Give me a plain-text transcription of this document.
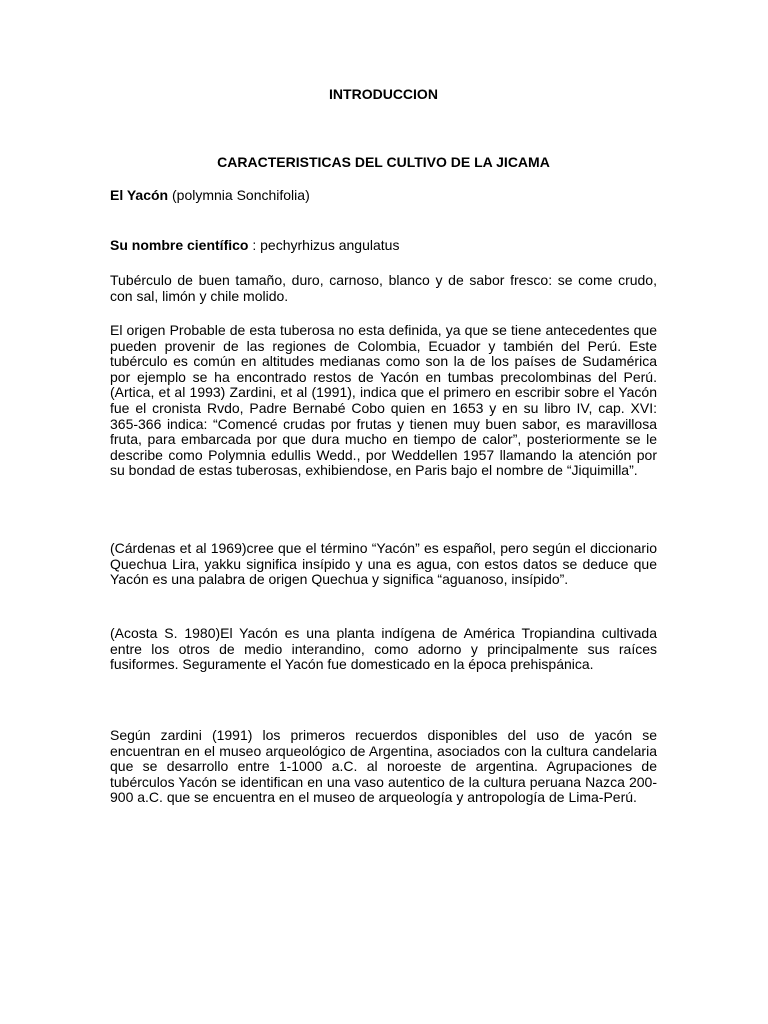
INTRODUCCION
CARACTERISTICAS DEL CULTIVO DE LA JICAMA

El Yacón (polymnia Sonchifolia)

Su nombre científico : pechyrhizus angulatus

Tubérculo de buen tamaño, duro, carnoso, blanco y de sabor fresco: se come crudo, con sal, limón y chile molido.

El origen Probable de esta tuberosa no esta definida, ya que se tiene antecedentes que pueden provenir de las regiones de Colombia, Ecuador y también del Perú. Este tubérculo es común en altitudes medianas como son la de los países de Sudamérica por ejemplo se ha encontrado restos de Yacón en tumbas precolombinas del Perú. (Artica, et al 1993) Zardini, et al (1991), indica que el primero en escribir sobre el Yacón fue el cronista Rvdo, Padre Bernabé Cobo quien en 1653 y en su libro IV, cap. XVI: 365-366 indica: “Comencé crudas por frutas y tienen muy buen sabor, es maravillosa fruta, para embarcada por que dura mucho en tiempo de calor”, posteriormente se le describe como Polymnia edullis Wedd., por Weddellen 1957 llamando la atención por su bondad de estas tuberosas, exhibiendose, en Paris bajo el nombre de “Jiquimilla”.

(Cárdenas et al 1969)cree que el término “Yacón” es español, pero según el diccionario Quechua Lira, yakku significa insípido y una es agua, con estos datos se deduce que Yacón es una palabra de origen Quechua y significa “aguanoso, insípido”.

(Acosta S. 1980)El Yacón es una planta indígena de América Tropiandina cultivada entre los otros de medio interandino, como adorno y principalmente sus raíces fusiformes. Seguramente el Yacón fue domesticado en la época prehispánica.

Según zardini (1991) los primeros recuerdos disponibles del uso de yacón se encuentran en el museo arqueológico de Argentina, asociados con la cultura candelaria que se desarrollo entre 1-1000 a.C. al noroeste de argentina. Agrupaciones de tubérculos Yacón se identifican en una vaso autentico de la cultura peruana Nazca 200-900 a.C. que se encuentra en el museo de arqueología y antropología de Lima-Perú.
